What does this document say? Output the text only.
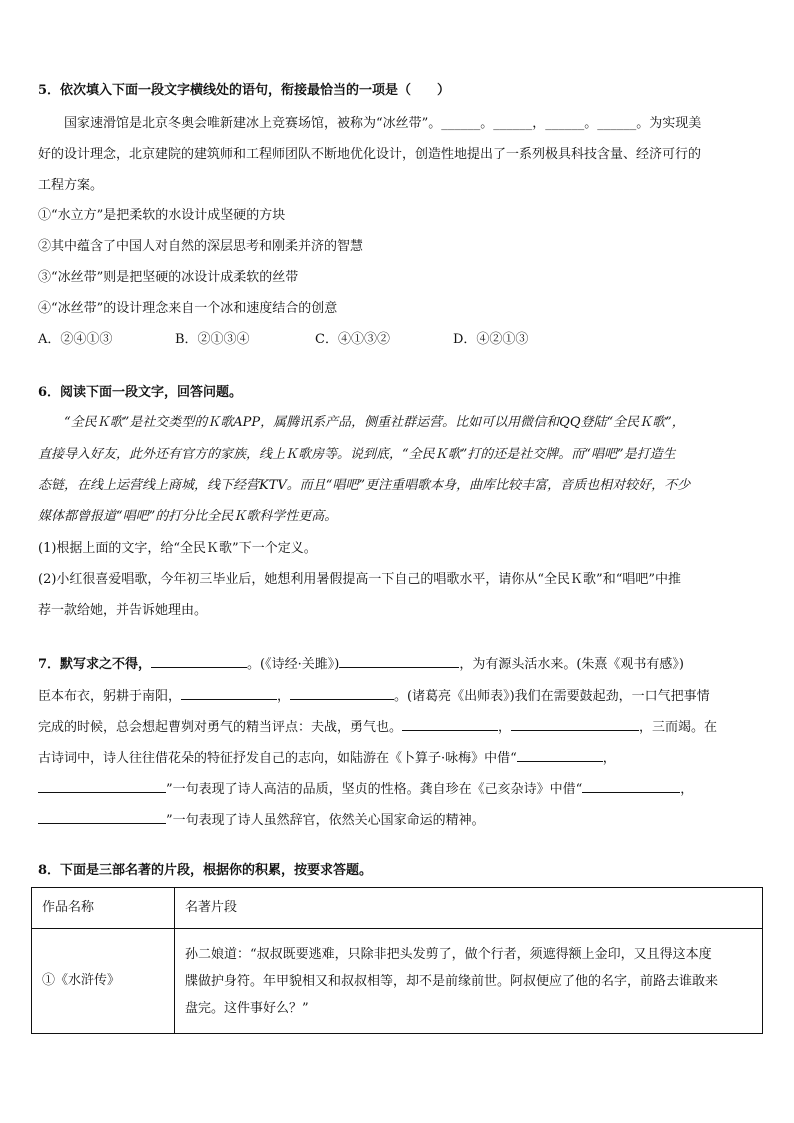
5．依次填入下面一段文字横线处的语句，衔接最恰当的一项是（　　）
国家速滑馆是北京冬奥会唯新建冰上竞赛场馆，被称为“冰丝带”。______。______，______。______。为实现美
好的设计理念，北京建院的建筑师和工程师团队不断地优化设计，创造性地提出了一系列极具科技含量、经济可行的
工程方案。
①“水立方”是把柔软的水设计成坚硬的方块
②其中蕴含了中国人对自然的深层思考和刚柔并济的智慧
③“冰丝带”则是把坚硬的冰设计成柔软的丝带
④“冰丝带”的设计理念来自一个冰和速度结合的创意
A．②④①③	B．②①③④	C．④①③②	D．④②①③
6．阅读下面一段文字，回答问题。
“全民Ｋ歌”是社交类型的Ｋ歌APP，属腾讯系产品，侧重社群运营。比如可以用微信和QQ登陆“全民Ｋ歌”，
直接导入好友，此外还有官方的家族，线上Ｋ歌房等。说到底，“全民Ｋ歌”打的还是社交牌。而“唱吧”是打造生
态链，在线上运营线上商城，线下经营KTV。而且“唱吧”更注重唱歌本身，曲库比较丰富，音质也相对较好，不少
媒体都曾报道“唱吧”的打分比全民Ｋ歌科学性更高。
(1)根据上面的文字，给“全民Ｋ歌”下一个定义。
(2)小红很喜爱唱歌，今年初三毕业后，她想利用暑假提高一下自己的唱歌水平，请你从“全民Ｋ歌”和“唱吧”中推
荐一款给她，并告诉她理由。
7．默写求之不得，	。(《诗经·关雎》)	，为有源头活水来。(朱熹《观书有感》)
臣本布衣，躬耕于南阳，	，	。(诸葛亮《出师表》)我们在需要鼓起劲，一口气把事情
完成的时候，总会想起曹刿对勇气的精当评点：夫战，勇气也。	，	，三而竭。在
古诗词中，诗人往往借花朵的特征抒发自己的志向，如陆游在《卜算子·咏梅》中借“	，
”一句表现了诗人高洁的品质，坚贞的性格。龚自珍在《己亥杂诗》中借“	，
”一句表现了诗人虽然辞官，依然关心国家命运的精神。
8．下面是三部名著的片段，根据你的积累，按要求答题。
作品名称	名著片段
①《水浒传》	孙二娘道：“叔叔既要逃难，只除非把头发剪了，做个行者，须遮得额上金印，又且得这本度
牒做护身符。年甲貌相又和叔叔相等，却不是前缘前世。阿叔便应了他的名字，前路去谁敢来
盘完。这件事好么？”
